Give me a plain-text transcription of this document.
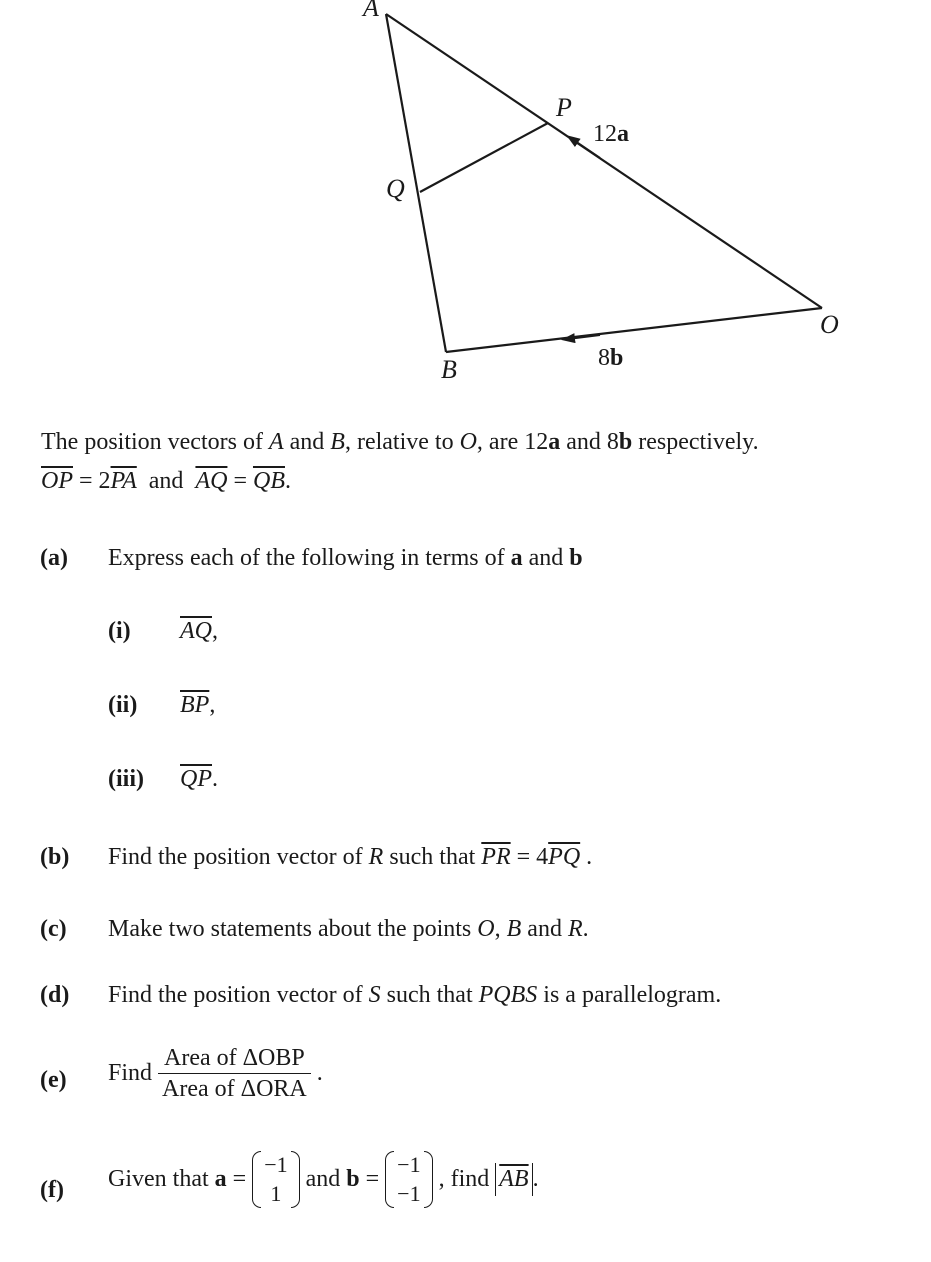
A
P
Q
O
B
12a
8b
The position vectors of A and B, relative to O, are 12a and 8b respectively.
$\overline{OP} = 2\overline{PA}$  and  $\overline{AQ} = \overline{QB}$.
(a) Express each of the following in terms of a and b
(i) $\overline{AQ}$,
(ii) $\overline{BP}$,
(iii) $\overline{QP}$.
(b) Find the position vector of R such that $\overline{PR} = 4\overline{PQ}$ .
(c) Make two statements about the points O, B and R.
(d) Find the position vector of S such that PQBS is a parallelogram.
(e) Find $\frac{\text{Area of ΔOBP}}{\text{Area of ΔORA}}$ .
(f) Given that a =
−1
1
and b =
−1
−1
, find $\overline{AB}$ .
